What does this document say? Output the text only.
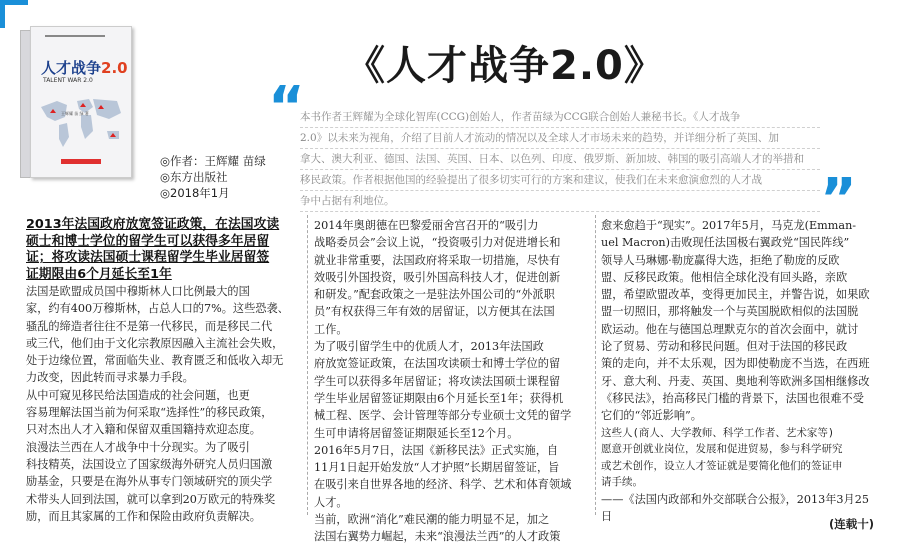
人才战争2.0
TALENT WAR 2.0
王辉耀 苗 绿 著
◎作者：王辉耀 苗绿
◎东方出版社
◎2018年1月
《人才战争2.0》
“
本书作者王辉耀为全球化智库(CCG)创始人，作者苗绿为CCG联合创始人兼秘书长。《人才战争
2.0》以未来为视角，介绍了目前人才流动的情况以及全球人才市场未来的趋势，并详细分析了英国、加
拿大、澳大利亚、德国、法国、英国、日本、以色列、印度、俄罗斯、新加坡、韩国的吸引高端人才的举措和
移民政策。作者根据他国的经验提出了很多切实可行的方案和建议，使我们在未来愈演愈烈的人才战
争中占据有利地位。	”
2013年法国政府放宽签证政策，在法国攻读
硕士和博士学位的留学生可以获得多年居留
证；将攻读法国硕士课程留学生毕业居留签
证期限由6个月延长至1年
法国是欧盟成员国中穆斯林人口比例最大的国
家，约有400万穆斯林，占总人口的7%。这些恐袭、
骚乱的缔造者往往不是第一代移民，而是移民二代
或三代，他们由于文化宗教原因融入主流社会失败，
处于边缘位置，常面临失业、教育匮乏和低收入却无
力改变，因此转而寻求暴力手段。
从中可窥见移民给法国造成的社会问题，也更
容易理解法国当前为何采取“选择性”的移民政策，
只对杰出人才入籍和保留双重国籍持欢迎态度。
浪漫法兰西在人才战争中十分现实。为了吸引
科技精英，法国设立了国家级海外研究人员归国激
励基金，只要是在海外从事专门领域研究的顶尖学
术带头人回到法国，就可以拿到20万欧元的特殊奖
励，而且其家属的工作和保险由政府负责解决。
2014年奥朗德在巴黎爱丽舍宫召开的“吸引力
战略委员会”会议上说，“投资吸引力对促进增长和
就业非常重要，法国政府将采取一切措施，尽快有
效吸引外国投资，吸引外国高科技人才，促进创新
和研发。”配套政策之一是驻法外国公司的“外派职
员”有权获得三年有效的居留证，以方便其在法国
工作。
为了吸引留学生中的优质人才，2013年法国政
府放宽签证政策，在法国攻读硕士和博士学位的留
学生可以获得多年居留证；将攻读法国硕士课程留
学生毕业居留签证期限由6个月延长至1年；获得机
械工程、医学、会计管理等部分专业硕士文凭的留学
生可申请将居留签证期限延长至12个月。
2016年5月7日，法国《新移民法》正式实施，自
11月1日起开始发放“人才护照”长期居留签证，旨
在吸引来自世界各地的经济、科学、艺术和体育领域
人才。
当前，欧洲“消化”难民潮的能力明显不足，加之
法国右翼势力崛起，未来“浪漫法兰西”的人才政策
愈来愈趋于“现实”。2017年5月，马克龙(Emman-
uel Macron)击败现任法国极右翼政党“国民阵线”
领导人马琳娜·勒庞赢得大选，拒绝了勒庞的反欧
盟、反移民政策。他相信全球化没有回头路，亲欧
盟，希望欧盟改革，变得更加民主，并警告说，如果欧
盟一切照旧，那将触发一个与英国脱欧相似的法国脱
欧运动。他在与德国总理默克尔的首次会面中，就讨
论了贸易、劳动和移民问题。但对于法国的移民政
策的走向，并不太乐观，因为即使勒庞不当选，在西班
牙、意大利、丹麦、英国、奥地利等欧洲多国相继修改
《移民法》，抬高移民门槛的背景下，法国也很难不受
它们的“邻近影响”。
这些人(商人、大学教师、科学工作者、艺术家等)
愿意开创就业岗位，发展和促进贸易，参与科学研究
或艺术创作，设立人才签证就是要简化他们的签证申
请手续。
——《法国内政部和外交部联合公报》，2013年3月25
日
(连载十)
